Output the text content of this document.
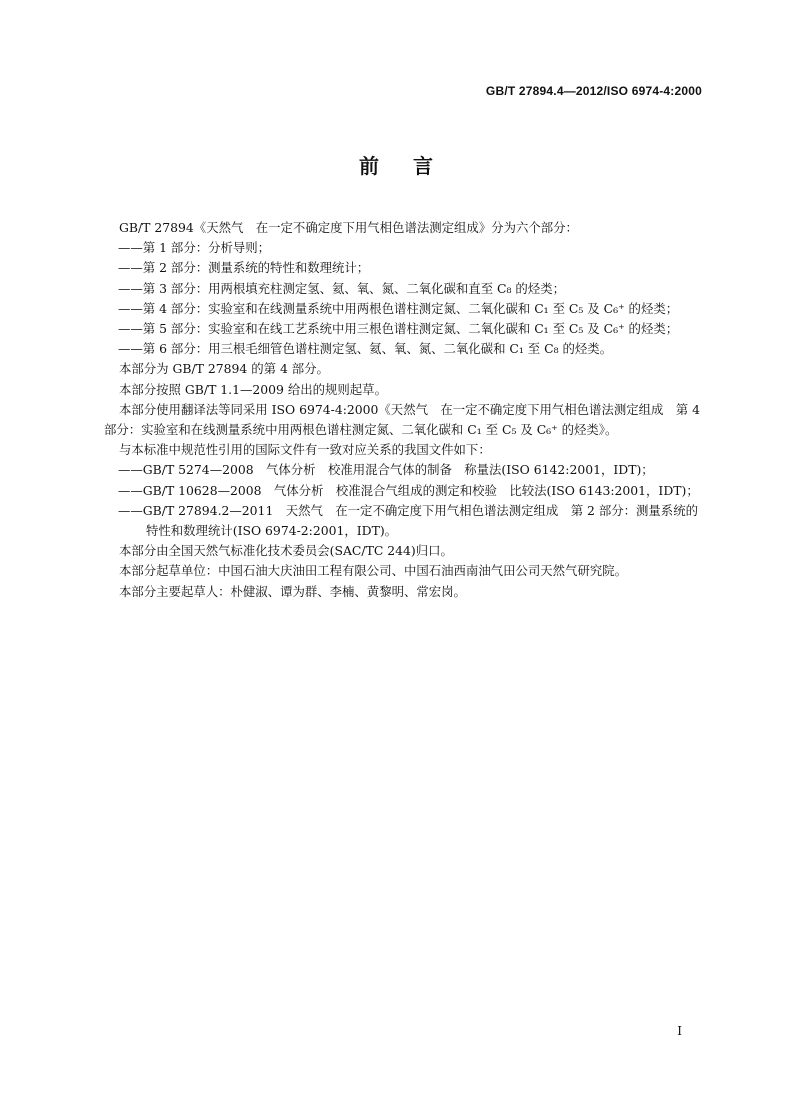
GB/T 27894.4—2012/ISO 6974-4:2000
前言
GB/T 27894《天然气　在一定不确定度下用气相色谱法测定组成》分为六个部分：
——第 1 部分：分析导则；
——第 2 部分：测量系统的特性和数理统计；
——第 3 部分：用两根填充柱测定氢、氦、氧、氮、二氧化碳和直至 C₈ 的烃类；
——第 4 部分：实验室和在线测量系统中用两根色谱柱测定氮、二氧化碳和 C₁ 至 C₅ 及 C₆⁺ 的烃类；
——第 5 部分：实验室和在线工艺系统中用三根色谱柱测定氮、二氧化碳和 C₁ 至 C₅ 及 C₆⁺ 的烃类；
——第 6 部分：用三根毛细管色谱柱测定氢、氦、氧、氮、二氧化碳和 C₁ 至 C₈ 的烃类。
本部分为 GB/T 27894 的第 4 部分。
本部分按照 GB/T 1.1—2009 给出的规则起草。
本部分使用翻译法等同采用 ISO 6974-4:2000《天然气　在一定不确定度下用气相色谱法测定组成　第 4 部分：实验室和在线测量系统中用两根色谱柱测定氮、二氧化碳和 C₁ 至 C₅ 及 C₆⁺ 的烃类》。
与本标准中规范性引用的国际文件有一致对应关系的我国文件如下：
——GB/T 5274—2008　气体分析　校准用混合气体的制备　称量法(ISO 6142:2001，IDT)；
——GB/T 10628—2008　气体分析　校准混合气组成的测定和校验　比较法(ISO 6143:2001，IDT)；
——GB/T 27894.2—2011　天然气　在一定不确定度下用气相色谱法测定组成　第 2 部分：测量系统的特性和数理统计(ISO 6974-2:2001，IDT)。
本部分由全国天然气标准化技术委员会(SAC/TC 244)归口。
本部分起草单位：中国石油大庆油田工程有限公司、中国石油西南油气田公司天然气研究院。
本部分主要起草人：朴健淑、谭为群、李楠、黄黎明、常宏岗。
I
